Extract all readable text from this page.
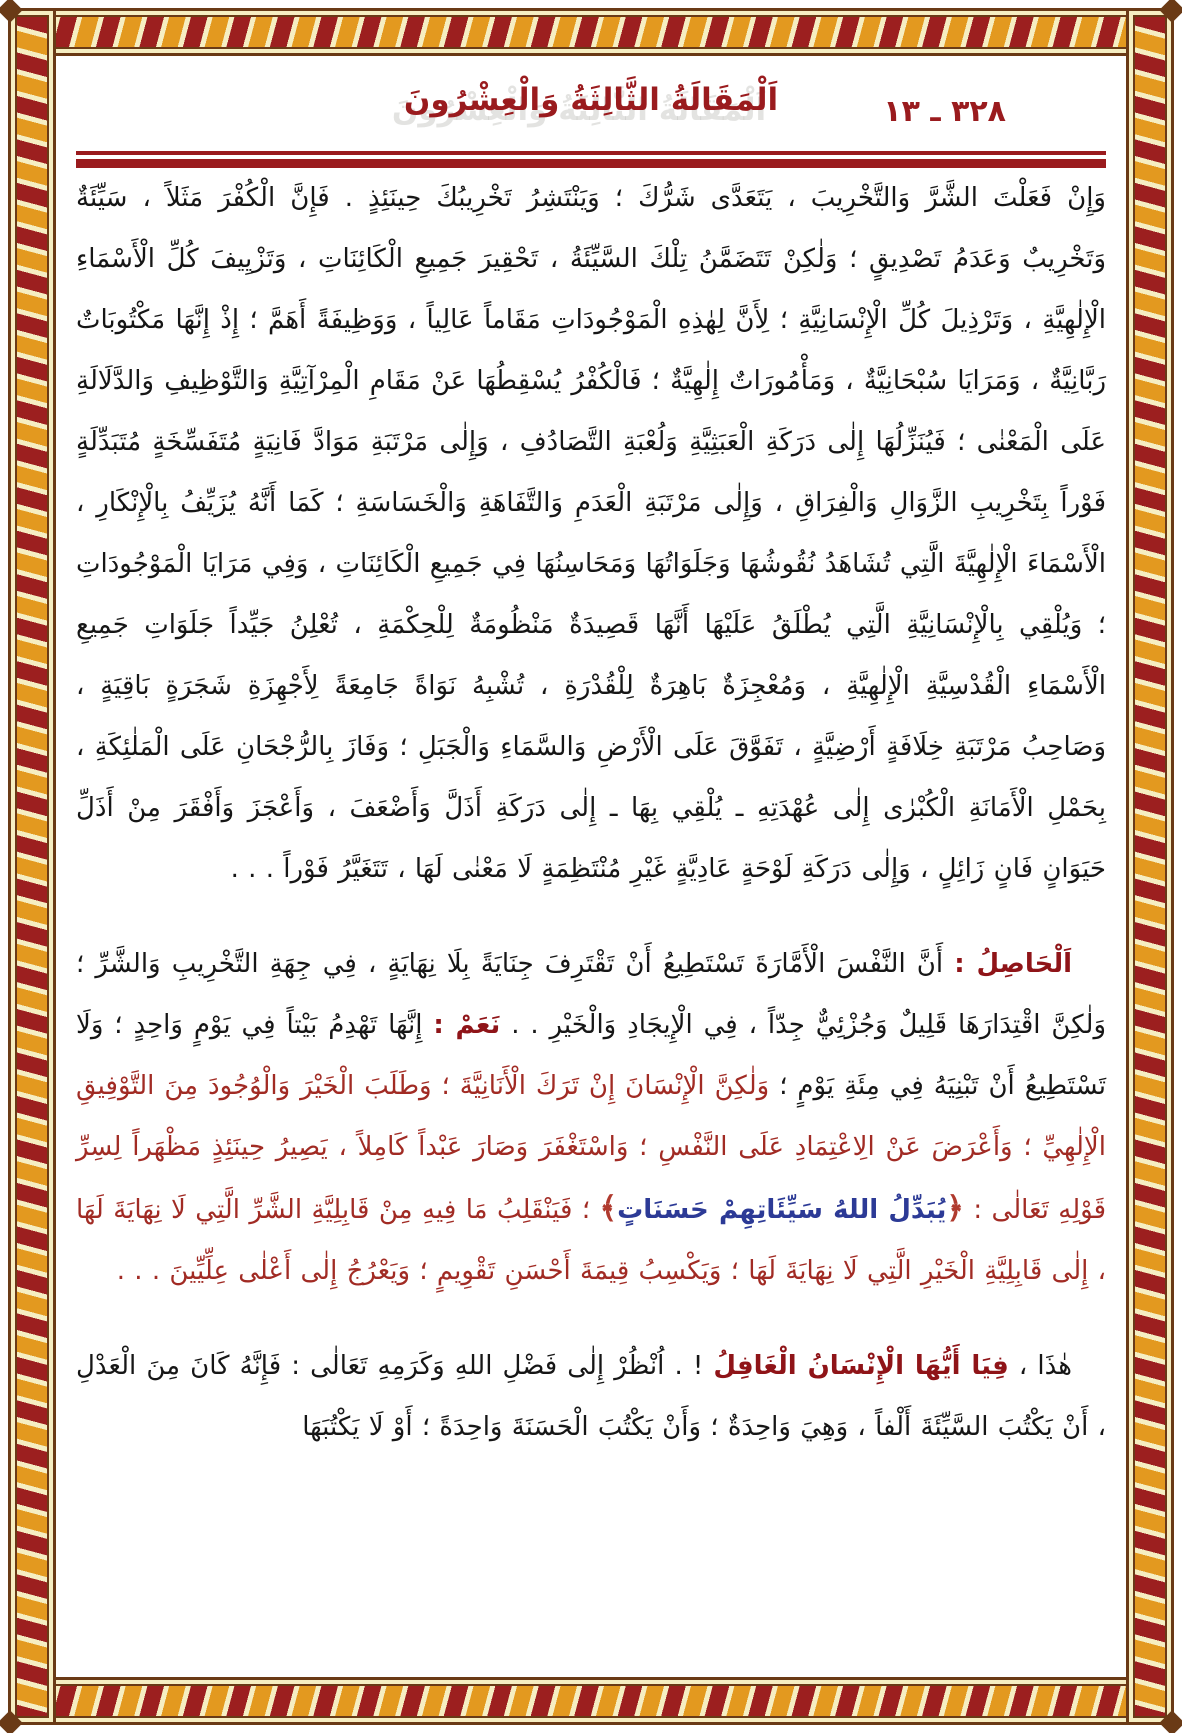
٣٢٨ ـ ١٣
اَلْمَقَالَةُ الثَّالِثَةُ وَالْعِشْرُونَ

وَإِنْ فَعَلْتَ الشَّرَّ وَالتَّخْرِيبَ ، يَتَعَدَّى شَرُّكَ ؛ وَيَنْتَشِرُ تَخْرِيبُكَ حِينَئِذٍ . فَإِنَّ الْكُفْرَ مَثَلاً ، سَيِّئَةٌ وَتَخْرِيبٌ وَعَدَمُ تَصْدِيقٍ ؛ وَلٰكِنْ تَتَضَمَّنُ تِلْكَ السَّيِّئَةُ ، تَحْقِيرَ جَمِيعِ الْكَائِنَاتِ ، وَتَزْيِيفَ كُلِّ الْأَسْمَاءِ الْإِلٰهِيَّةِ ، وَتَرْذِيلَ كُلِّ الْإِنْسَانِيَّةِ ؛ لِأَنَّ لِهٰذِهِ الْمَوْجُودَاتِ مَقَاماً عَالِياً ، وَوَظِيفَةً أَهَمَّ ؛ إِذْ إِنَّهَا مَكْتُوبَاتٌ رَبَّانِيَّةٌ ، وَمَرَايَا سُبْحَانِيَّةٌ ، وَمَأْمُورَاتٌ إِلٰهِيَّةٌ ؛ فَالْكُفْرُ يُسْقِطُهَا عَنْ مَقَامِ الْمِرْآتِيَّةِ وَالتَّوْظِيفِ وَالدَّلَالَةِ عَلَى الْمَعْنٰى ؛ فَيُنَزِّلُهَا إِلٰى دَرَكَةِ الْعَبَثِيَّةِ وَلُعْبَةِ التَّصَادُفِ ، وَإِلٰى مَرْتَبَةِ مَوَادَّ فَانِيَةٍ مُتَفَسِّخَةٍ مُتَبَدِّلَةٍ فَوْراً بِتَخْرِيبِ الزَّوَالِ وَالْفِرَاقِ ، وَإِلٰى مَرْتَبَةِ الْعَدَمِ وَالتَّفَاهَةِ وَالْخَسَاسَةِ ؛ كَمَا أَنَّهُ يُزَيِّفُ بِالْإِنْكَارِ ، الْأَسْمَاءَ الْإِلٰهِيَّةَ الَّتِي تُشَاهَدُ نُقُوشُهَا وَجَلَوَاتُهَا وَمَحَاسِنُهَا فِي جَمِيعِ الْكَائِنَاتِ ، وَفِي مَرَايَا الْمَوْجُودَاتِ ؛ وَيُلْقِي بِالْإِنْسَانِيَّةِ الَّتِي يُطْلَقُ عَلَيْهَا أَنَّهَا قَصِيدَةٌ مَنْظُومَةٌ لِلْحِكْمَةِ ، تُعْلِنُ جَيِّداً جَلَوَاتِ جَمِيعِ الْأَسْمَاءِ الْقُدْسِيَّةِ الْإِلٰهِيَّةِ ، وَمُعْجِزَةٌ بَاهِرَةٌ لِلْقُدْرَةِ ، تُشْبِهُ نَوَاةً جَامِعَةً لِأَجْهِزَةِ شَجَرَةٍ بَاقِيَةٍ ، وَصَاحِبُ مَرْتَبَةِ خِلَافَةٍ أَرْضِيَّةٍ ، تَفَوَّقَ عَلَى الْأَرْضِ وَالسَّمَاءِ وَالْجَبَلِ ؛ وَفَازَ بِالرُّجْحَانِ عَلَى الْمَلٰئِكَةِ ، بِحَمْلِ الْأَمَانَةِ الْكُبْرٰى إِلٰى عُهْدَتِهِ ـ يُلْقِي بِهَا ـ إِلٰى دَرَكَةِ أَذَلَّ وَأَضْعَفَ ، وَأَعْجَزَ وَأَفْقَرَ مِنْ أَذَلِّ حَيَوَانٍ فَانٍ زَائِلٍ ، وَإِلٰى دَرَكَةِ لَوْحَةٍ عَادِيَّةٍ غَيْرِ مُنْتَظِمَةٍ لَا مَعْنٰى لَهَا ، تَتَغَيَّرُ فَوْراً . . .

اَلْحَاصِلُ : أَنَّ النَّفْسَ الْأَمَّارَةَ تَسْتَطِيعُ أَنْ تَقْتَرِفَ جِنَايَةً بِلَا نِهَايَةٍ ، فِي جِهَةِ التَّخْرِيبِ وَالشَّرِّ ؛ وَلٰكِنَّ اقْتِدَارَهَا قَلِيلٌ وَجُزْئِيٌّ جِدّاً ، فِي الْإِيجَادِ وَالْخَيْرِ . . نَعَمْ : إِنَّهَا تَهْدِمُ بَيْتاً فِي يَوْمٍ وَاحِدٍ ؛ وَلَا تَسْتَطِيعُ أَنْ تَبْنِيَهُ فِي مِئَةِ يَوْمٍ ؛ وَلٰكِنَّ الْإِنْسَانَ إِنْ تَرَكَ الْأَنَانِيَّةَ ؛ وَطَلَبَ الْخَيْرَ وَالْوُجُودَ مِنَ التَّوْفِيقِ الْإِلٰهِيِّ ؛ وَأَعْرَضَ عَنْ الِاعْتِمَادِ عَلَى النَّفْسِ ؛ وَاسْتَغْفَرَ وَصَارَ عَبْداً كَامِلاً ، يَصِيرُ حِينَئِذٍ مَظْهَراً لِسِرِّ قَوْلِهِ تَعَالٰى : ﴿يُبَدِّلُ اللهُ سَيِّئَاتِهِمْ حَسَنَاتٍ﴾ ؛ فَيَنْقَلِبُ مَا فِيهِ مِنْ قَابِلِيَّةِ الشَّرِّ الَّتِي لَا نِهَايَةَ لَهَا ، إِلٰى قَابِلِيَّةِ الْخَيْرِ الَّتِي لَا نِهَايَةَ لَهَا ؛ وَيَكْسِبُ قِيمَةَ أَحْسَنِ تَقْوِيمٍ ؛ وَيَعْرُجُ إِلٰى أَعْلٰى عِلِّيِّينَ . . .

هٰذَا ، فِيَا أَيُّهَا الْإِنْسَانُ الْغَافِلُ ! . اُنْظُرْ إِلٰى فَضْلِ اللهِ وَكَرَمِهِ تَعَالٰى : فَإِنَّهُ كَانَ مِنَ الْعَدْلِ ، أَنْ يَكْتُبَ السَّيِّئَةَ أَلْفاً ، وَهِيَ وَاحِدَةٌ ؛ وَأَنْ يَكْتُبَ الْحَسَنَةَ وَاحِدَةً ؛ أَوْ لَا يَكْتُبَهَا
